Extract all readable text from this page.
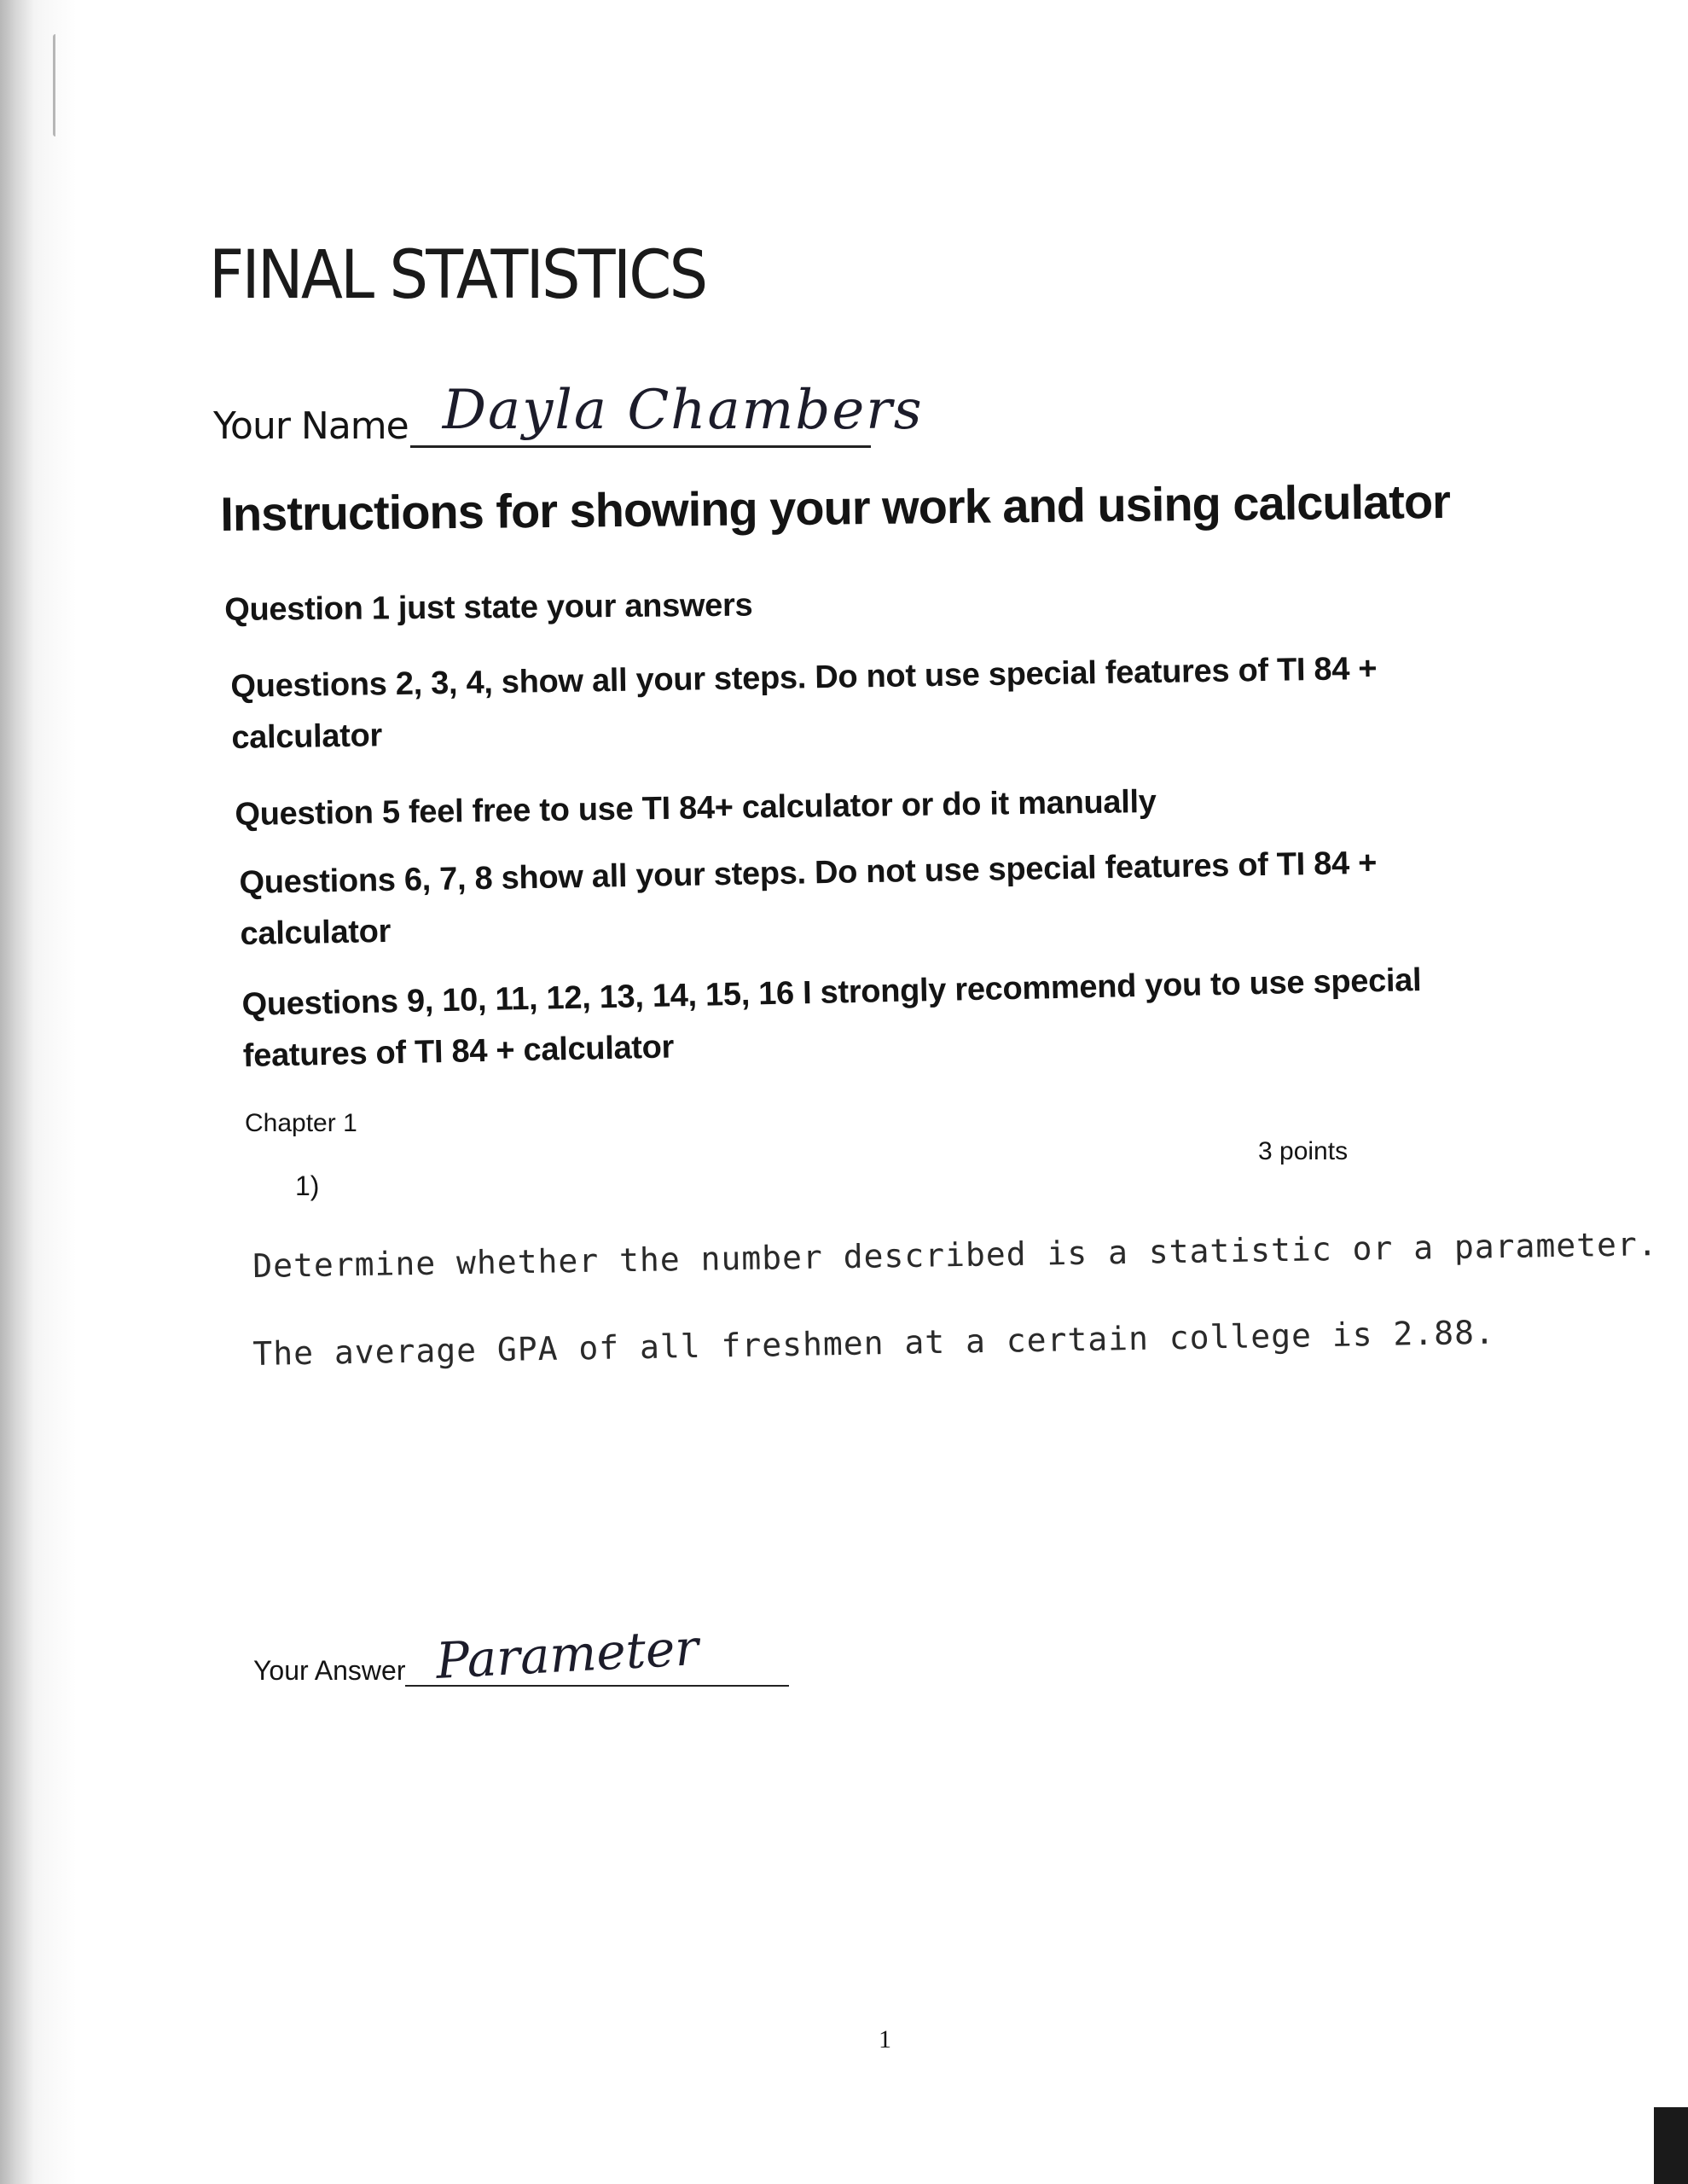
FINAL STATISTICS
Your Name Dayla Chambers
Instructions for showing your work and using calculator
Question 1 just state your answers
Questions 2, 3, 4, show all your steps. Do not use special features of TI 84 +
calculator
Question 5 feel free to use TI 84+ calculator or do it manually
Questions 6, 7, 8 show all your steps. Do not use special features of TI 84 +
calculator
Questions 9, 10, 11, 12, 13, 14, 15, 16 I strongly recommend you to use special
features of TI 84 + calculator
Chapter 1
3 points
1)
Determine whether the number described is a statistic or a parameter.
The average GPA of all freshmen at a certain college is 2.88.
Your Answer Parameter
1
